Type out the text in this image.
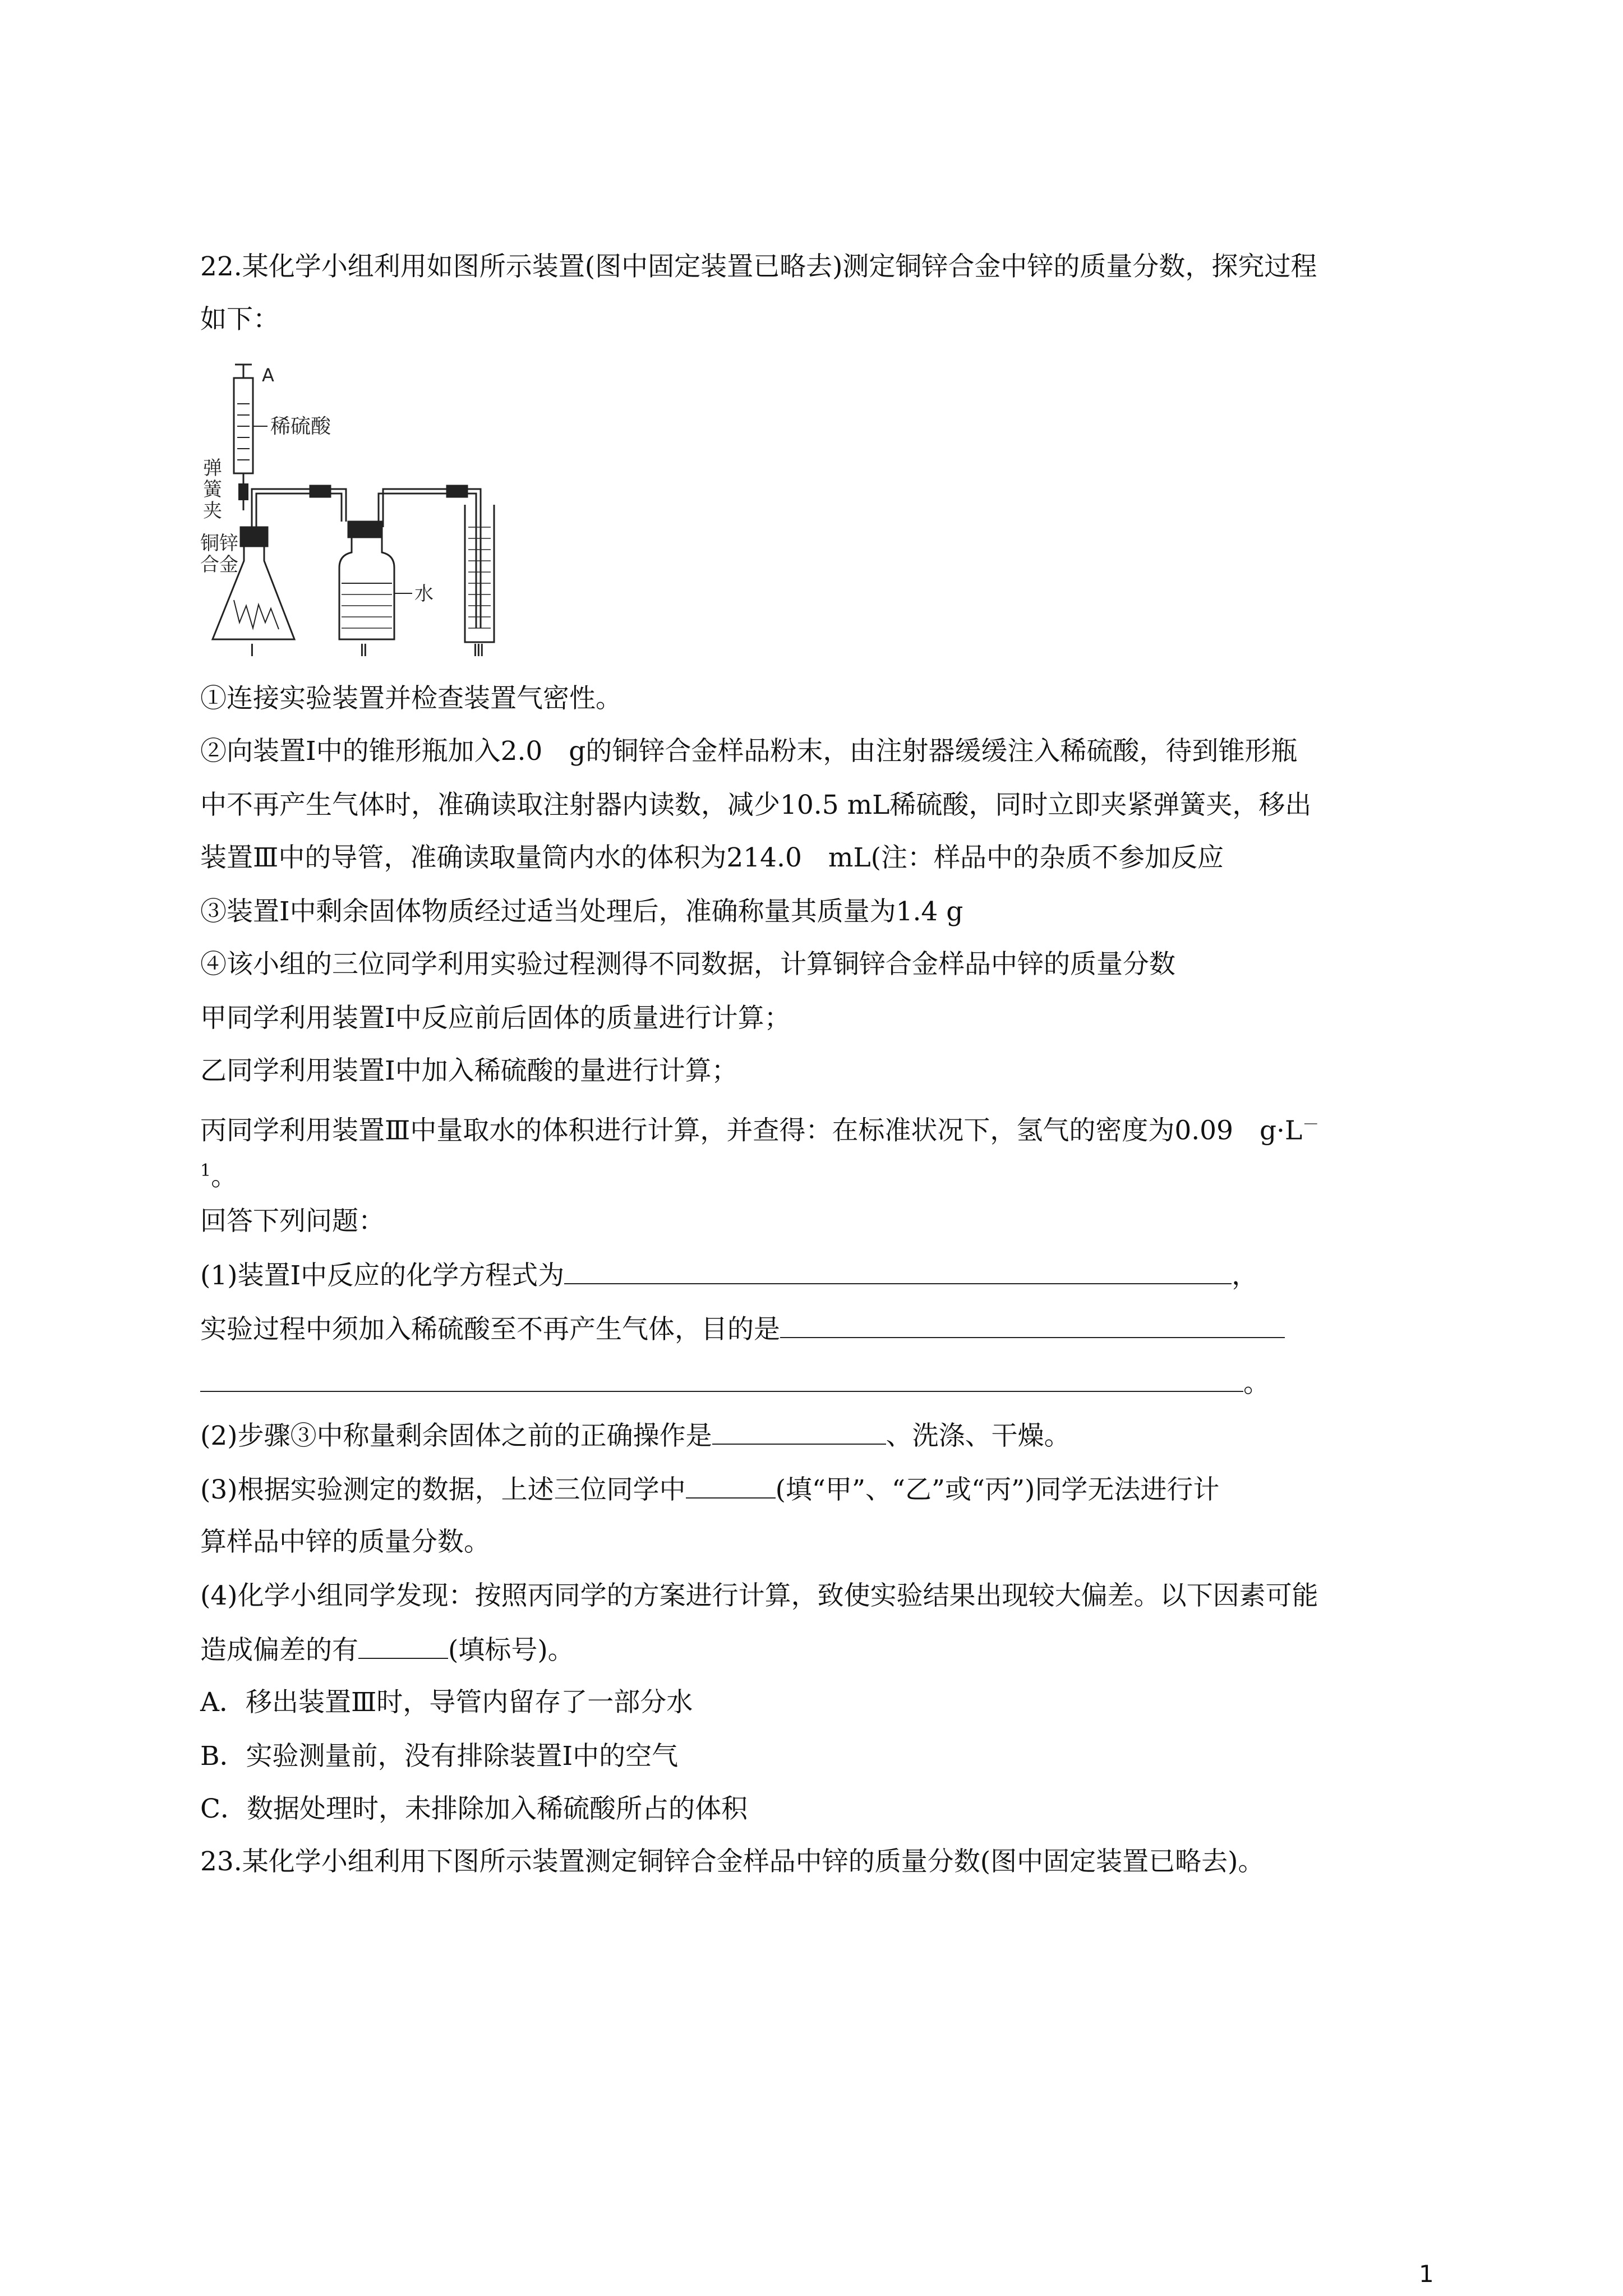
22.某化学小组利用如图所示装置(图中固定装置已略去)测定铜锌合金中锌的质量分数，探究过程
如下：
A
稀硫酸
弹
簧
夹
铜锌
合金
Ⅰ
水
Ⅱ	Ⅲ
①连接实验装置并检查装置气密性。
②向装置Ⅰ中的锥形瓶加入2.0　g的铜锌合金样品粉末，由注射器缓缓注入稀硫酸，待到锥形瓶
中不再产生气体时，准确读取注射器内读数，减少10.5 mL稀硫酸，同时立即夹紧弹簧夹，移出
装置Ⅲ中的导管，准确读取量筒内水的体积为214.0　mL(注：样品中的杂质不参加反应
③装置Ⅰ中剩余固体物质经过适当处理后，准确称量其质量为1.4 g
④该小组的三位同学利用实验过程测得不同数据，计算铜锌合金样品中锌的质量分数
甲同学利用装置Ⅰ中反应前后固体的质量进行计算；
乙同学利用装置Ⅰ中加入稀硫酸的量进行计算；
丙同学利用装置Ⅲ中量取水的体积进行计算，并查得：在标准状况下，氢气的密度为0.09　g·L－
$^1$。
回答下列问题：
(1)装置Ⅰ中反应的化学方程式为	，
实验过程中须加入稀硫酸至不再产生气体，目的是
。
(2)步骤③中称量剩余固体之前的正确操作是	、洗涤、干燥。
(3)根据实验测定的数据，上述三位同学中	(填“甲”、“乙”或“丙”)同学无法进行计
算样品中锌的质量分数。
(4)化学小组同学发现：按照丙同学的方案进行计算，致使实验结果出现较大偏差。以下因素可能
造成偏差的有	(填标号)。
A．移出装置Ⅲ时，导管内留存了一部分水
B．实验测量前，没有排除装置Ⅰ中的空气
C．数据处理时，未排除加入稀硫酸所占的体积
23.某化学小组利用下图所示装置测定铜锌合金样品中锌的质量分数(图中固定装置已略去)。
1
